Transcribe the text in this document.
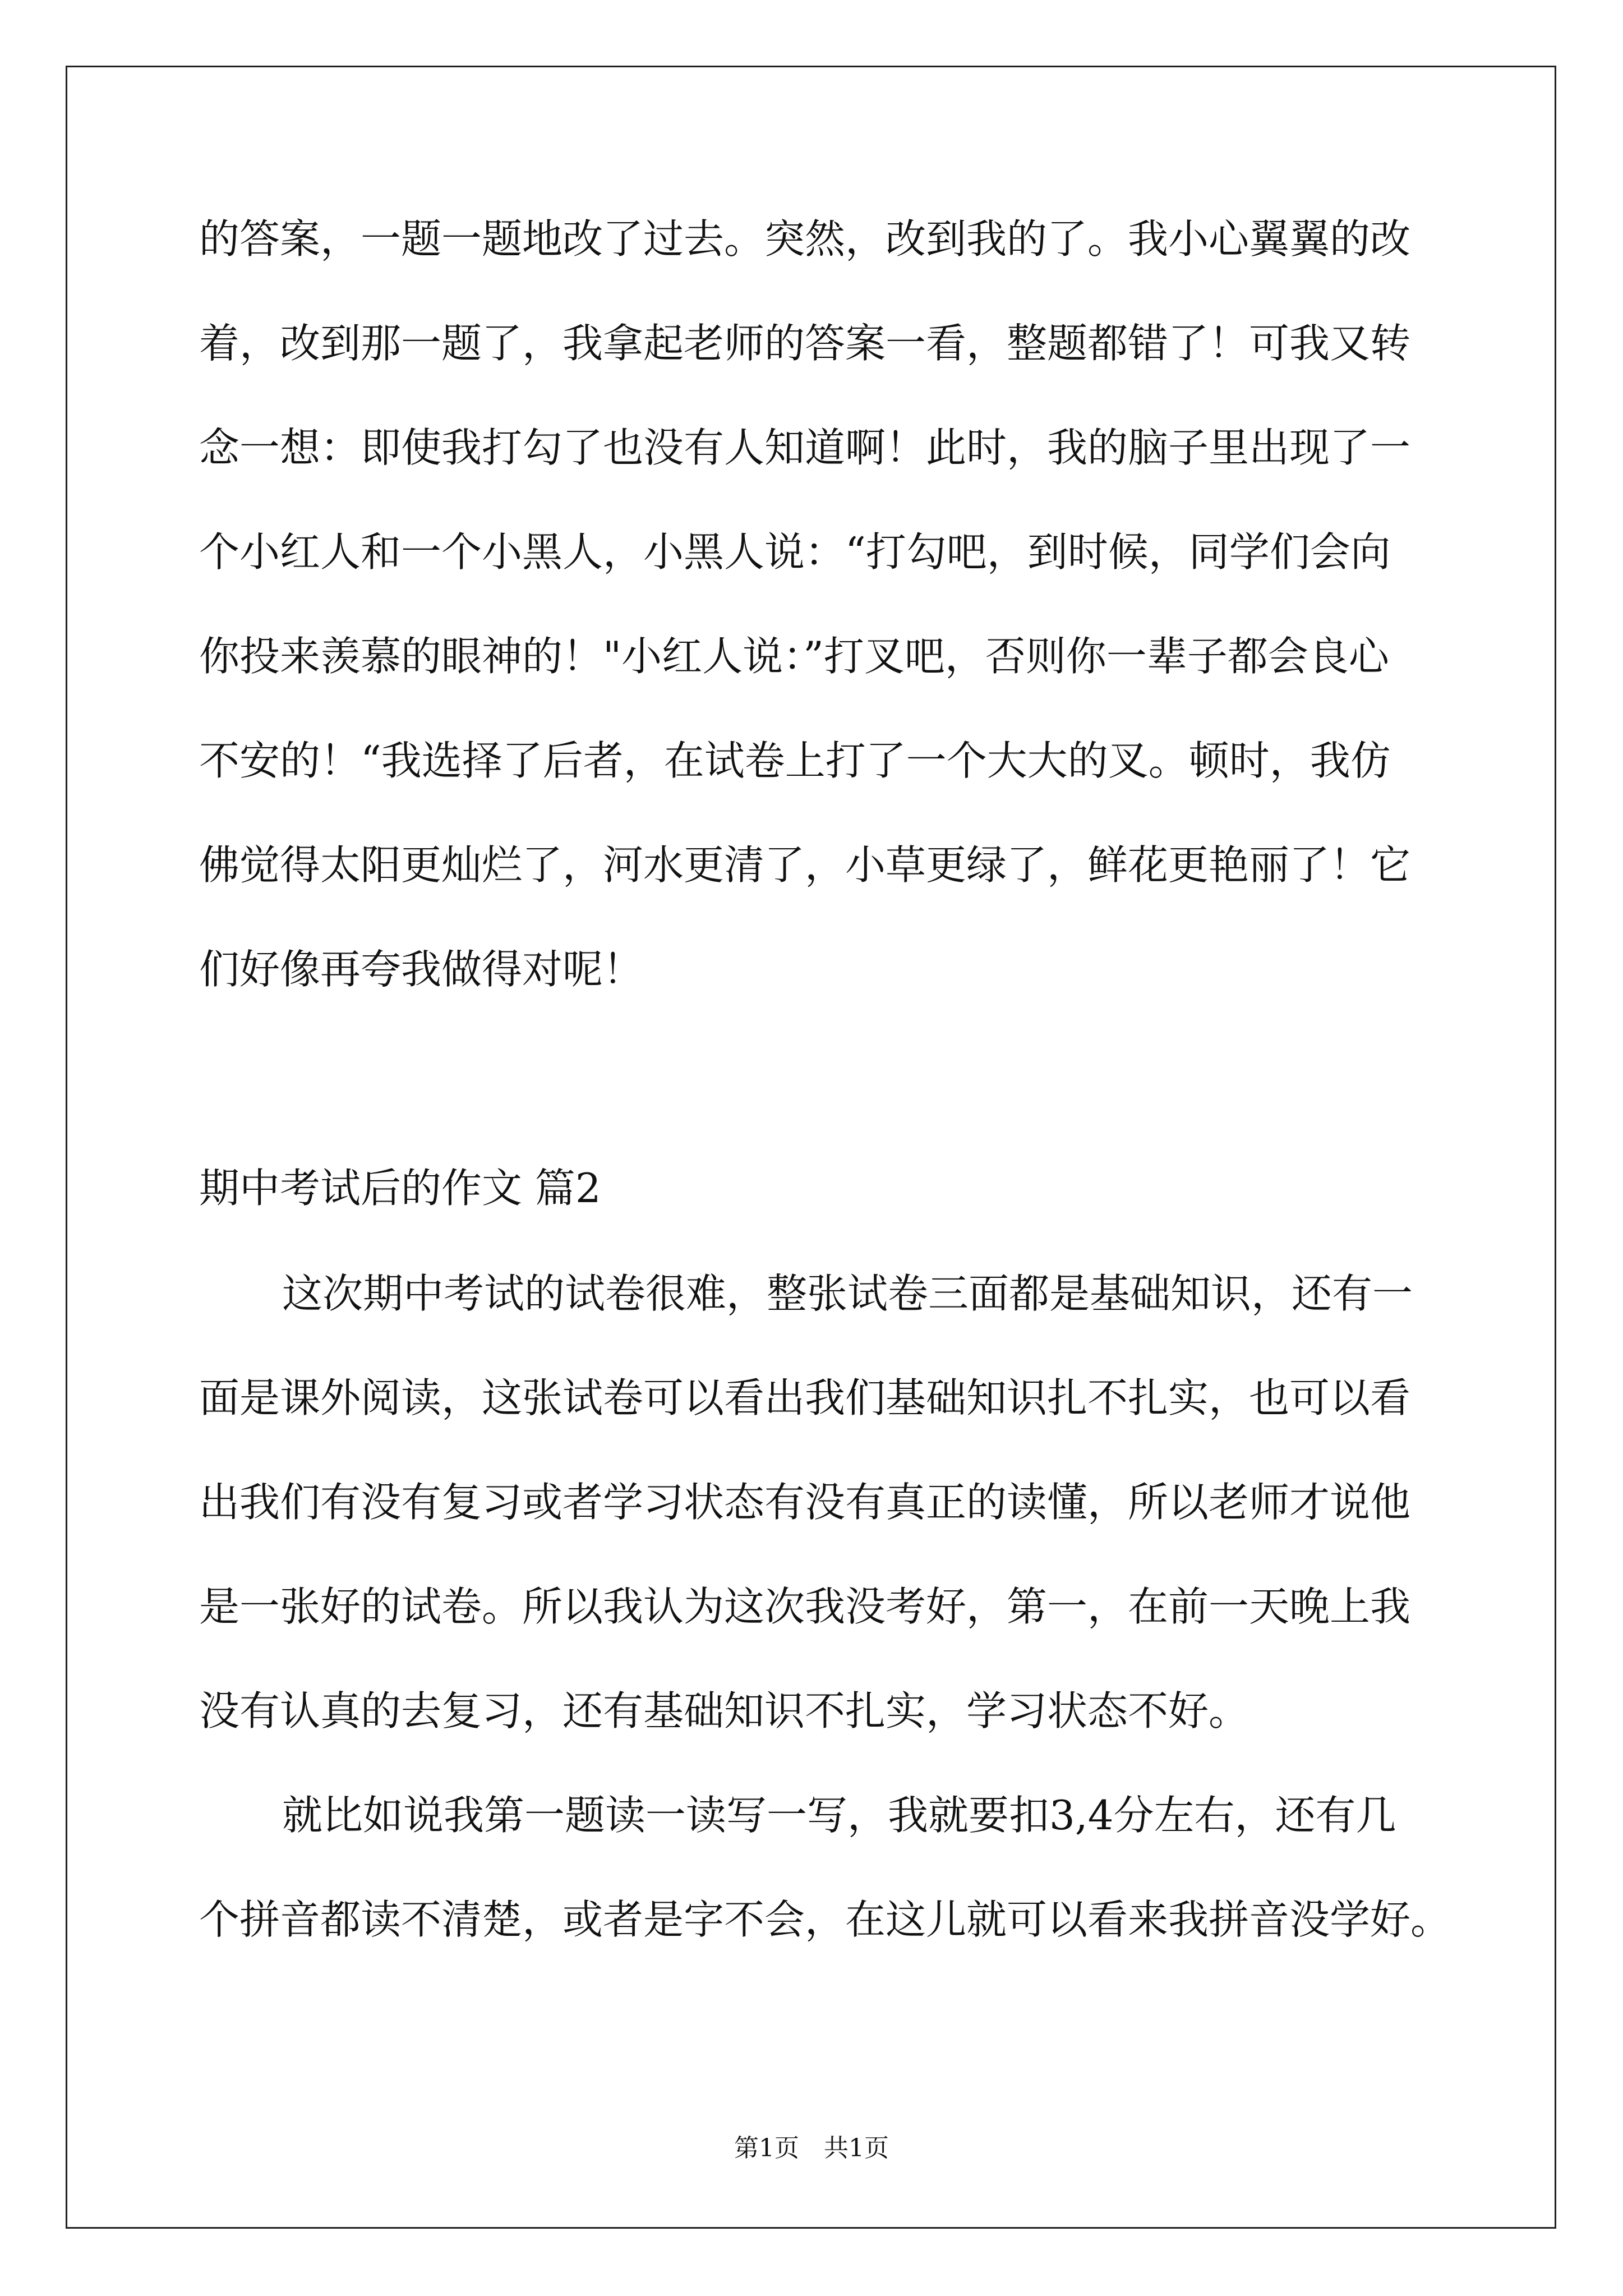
的答案，一题一题地改了过去。突然，改到我的了。我小心翼翼的改
着，改到那一题了，我拿起老师的答案一看，整题都错了！可我又转
念一想：即使我打勾了也没有人知道啊！此时，我的脑子里出现了一
个小红人和一个小黑人，小黑人说：“打勾吧，到时候，同学们会向
你投来羡慕的眼神的！"小红人说：”打叉吧，否则你一辈子都会良心
不安的！“我选择了后者，在试卷上打了一个大大的叉。顿时，我仿
佛觉得太阳更灿烂了，河水更清了，小草更绿了，鲜花更艳丽了！它
们好像再夸我做得对呢！
期中考试后的作文 篇2
这次期中考试的试卷很难，整张试卷三面都是基础知识，还有一
面是课外阅读，这张试卷可以看出我们基础知识扎不扎实，也可以看
出我们有没有复习或者学习状态有没有真正的读懂，所以老师才说他
是一张好的试卷。所以我认为这次我没考好，第一，在前一天晚上我
没有认真的去复习，还有基础知识不扎实，学习状态不好。
就比如说我第一题读一读写一写，我就要扣3,4分左右，还有几
个拼音都读不清楚，或者是字不会，在这儿就可以看来我拼音没学好。
第1页　共1页
